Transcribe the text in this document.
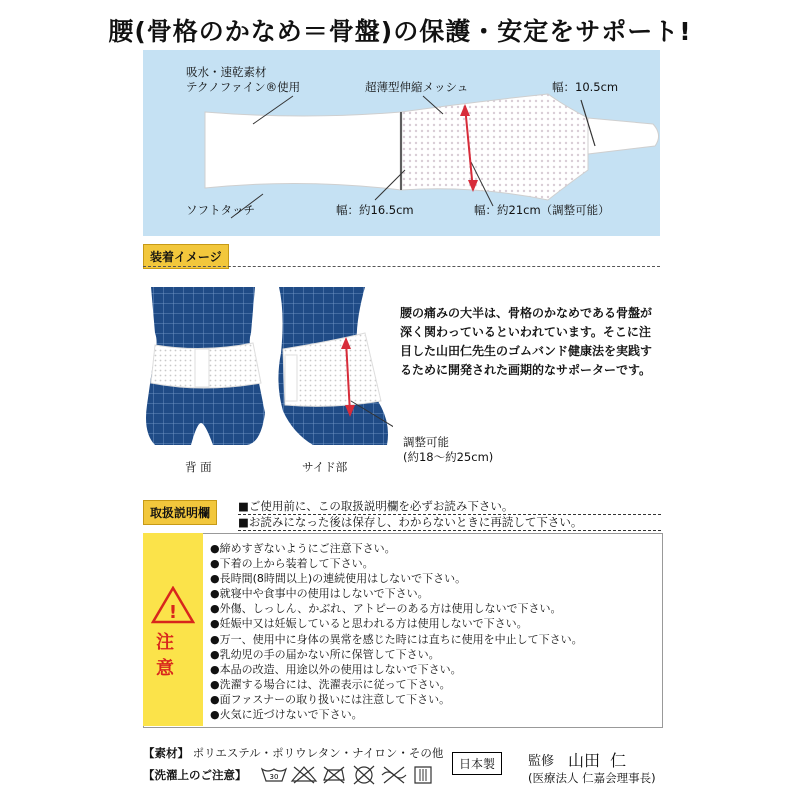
腰(骨格のかなめ＝骨盤)の保護・安定をサポート!
吸水・速乾素材
テクノファイン®使用	超薄型伸縮メッシュ	幅：10.5cm
ソフトタッチ	幅：約16.5cm	幅：約21cm（調整可能）
装着イメージ
背 面	サイド部
調整可能
(約18～約25cm)
腰の痛みの大半は、骨格のかなめである骨盤が深く関わっているといわれています。そこに注目した山田仁先生のゴムバンド健康法を実践するために開発された画期的なサポーターです。
取扱説明欄	■ご使用前に、この取扱説明欄を必ずお読み下さい。
■お読みになった後は保存し、わからないときに再読して下さい。
!
注
意
●締めすぎないようにご注意下さい。
●下着の上から装着して下さい。
●長時間(8時間以上)の連続使用はしないで下さい。
●就寝中や食事中の使用はしないで下さい。
●外傷、しっしん、かぶれ、アトピーのある方は使用しないで下さい。
●妊娠中又は妊娠していると思われる方は使用しないで下さい。
●万一、使用中に身体の異常を感じた時には直ちに使用を中止して下さい。
●乳幼児の手の届かない所に保管して下さい。
●本品の改造、用途以外の使用はしないで下さい。
●洗濯する場合には、洗濯表示に従って下さい。
●面ファスナーの取り扱いには注意して下さい。
●火気に近づけないで下さい。
【素材】 ポリエステル・ポリウレタン・ナイロン・その他
【洗濯上のご注意】	30
日本製	監修 山田  仁
(医療法人 仁嘉会理事長)
